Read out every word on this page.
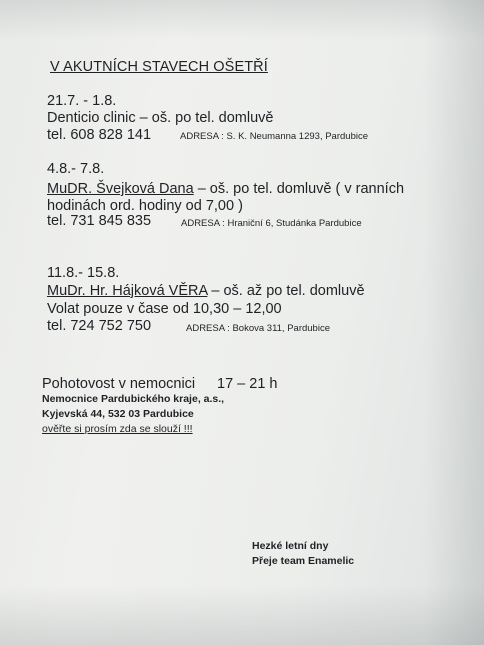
V AKUTNÍCH STAVECH OŠETŘÍ
21.7. - 1.8.
Denticio clinic – oš. po tel. domluvě
tel. 608 828 141	ADRESA : S. K. Neumanna 1293, Pardubice
4.8.- 7.8.
MuDR. Švejková Dana – oš. po tel. domluvě ( v ranních
hodinách ord. hodiny od 7,00 )
tel. 731 845 835	ADRESA : Hraniční 6, Studánka Pardubice
11.8.- 15.8.
MuDr. Hr. Hájková VĚRA – oš. až po tel. domluvě
Volat pouze v čase od 10,30 – 12,00
tel. 724 752 750	ADRESA : Bokova 311, Pardubice
Pohotovost v nemocnici 17 – 21 h
Nemocnice Pardubického kraje, a.s.,
Kyjevská 44, 532 03 Pardubice
ověřte si prosím zda se slouží !!!
Hezké letní dny
Přeje team Enamelic
